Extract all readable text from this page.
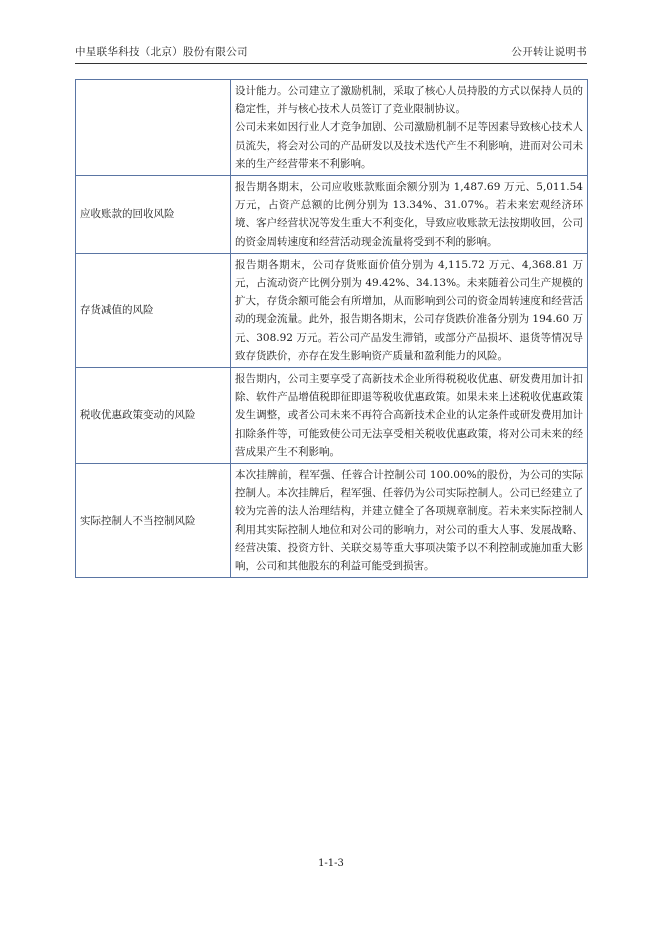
中星联华科技（北京）股份有限公司	公开转让说明书

	设计能力。公司建立了激励机制，采取了核心人员持股的方式以保持人员的稳定性，并与核心技术人员签订了竞业限制协议。
公司未来如因行业人才竞争加剧、公司激励机制不足等因素导致核心技术人员流失，将会对公司的产品研发以及技术迭代产生不利影响，进而对公司未来的生产经营带来不利影响。

应收账款的回收风险	报告期各期末，公司应收账款账面余额分别为 1,487.69 万元、5,011.54 万元，占资产总额的比例分别为 13.34%、31.07%。若未来宏观经济环境、客户经营状况等发生重大不利变化，导致应收账款无法按期收回，公司的资金周转速度和经营活动现金流量将受到不利的影响。

存货减值的风险	报告期各期末，公司存货账面价值分别为 4,115.72 万元、4,368.81 万元，占流动资产比例分别为 49.42%、34.13%。未来随着公司生产规模的扩大，存货余额可能会有所增加，从而影响到公司的资金周转速度和经营活动的现金流量。此外，报告期各期末，公司存货跌价准备分别为 194.60 万元、308.92 万元。若公司产品发生滞销，或部分产品损坏、退货等情况导致存货跌价，亦存在发生影响资产质量和盈利能力的风险。

税收优惠政策变动的风险	报告期内，公司主要享受了高新技术企业所得税税收优惠、研发费用加计扣除、软件产品增值税即征即退等税收优惠政策。如果未来上述税收优惠政策发生调整，或者公司未来不再符合高新技术企业的认定条件或研发费用加计扣除条件等，可能致使公司无法享受相关税收优惠政策，将对公司未来的经营成果产生不利影响。

实际控制人不当控制风险	本次挂牌前，程军强、任蓉合计控制公司 100.00%的股份，为公司的实际控制人。本次挂牌后，程军强、任蓉仍为公司实际控制人。公司已经建立了较为完善的法人治理结构，并建立健全了各项规章制度。若未来实际控制人利用其实际控制人地位和对公司的影响力，对公司的重大人事、发展战略、经营决策、投资方针、关联交易等重大事项决策予以不利控制或施加重大影响，公司和其他股东的利益可能受到损害。
1-1-3
